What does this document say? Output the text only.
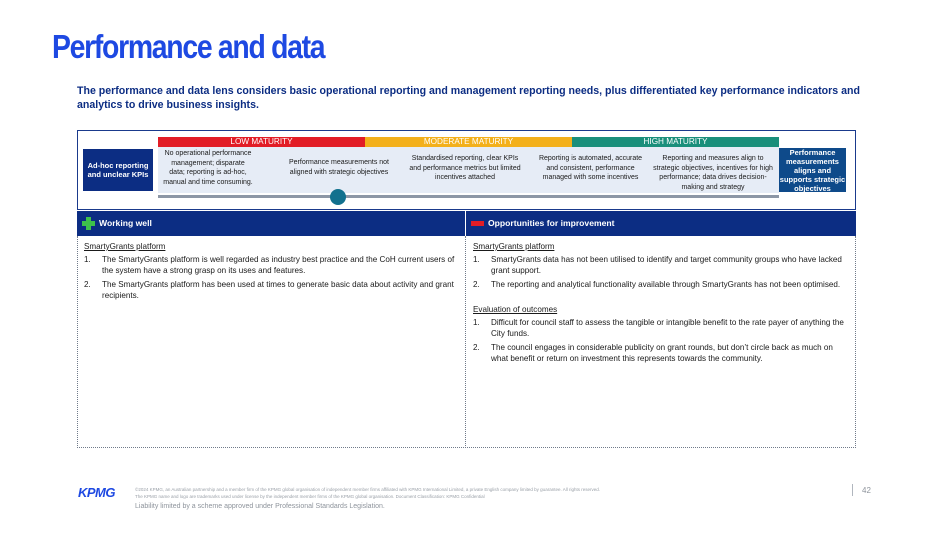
Performance and data
The performance and data lens considers basic operational reporting and management reporting needs, plus differentiated key performance indicators and analytics to drive business insights.
LOW MATURITY	MODERATE MATURITY	HIGH MATURITY
Ad-hoc reporting and unclear KPIs
Performance measurements aligns and supports strategic objectives
No operational performance management; disparate data; reporting is ad-hoc, manual and time consuming.
Performance measurements not aligned with strategic objectives
Standardised reporting, clear KPIs and performance metrics but limited incentives attached
Reporting is automated, accurate and consistent, performance managed with some incentives
Reporting and measures align to strategic objectives, incentives for high performance; data drives decision-making and strategy
Working well	Opportunities for improvement
SmartyGrants platform
1.	The SmartyGrants platform is well regarded as industry best practice and the CoH current users of the system have a strong grasp on its uses and features.
2.	The SmartyGrants platform has been used at times to generate basic data about activity and grant recipients.
SmartyGrants platform
1.	SmartyGrants data has not been utilised to identify and target community groups who have lacked grant support.
2.	The reporting and analytical functionality available through SmartyGrants has not been optimised.
Evaluation of outcomes
1.	Difficult for council staff to assess the tangible or intangible benefit to the rate payer of anything the City funds.
2.	The council engages in considerable publicity on grant rounds, but don’t circle back as much on what benefit or return on investment this represents towards the community.
KPMG	©2024 KPMG, an Australian partnership and a member firm of the KPMG global organisation of independent member firms affiliated with KPMG International Limited, a private English company limited by guarantee. All rights reserved.
The KPMG name and logo are trademarks used under license by the independent member firms of the KPMG global organisation. Document Classification: KPMG Confidential
Liability limited by a scheme approved under Professional Standards Legislation.
42
